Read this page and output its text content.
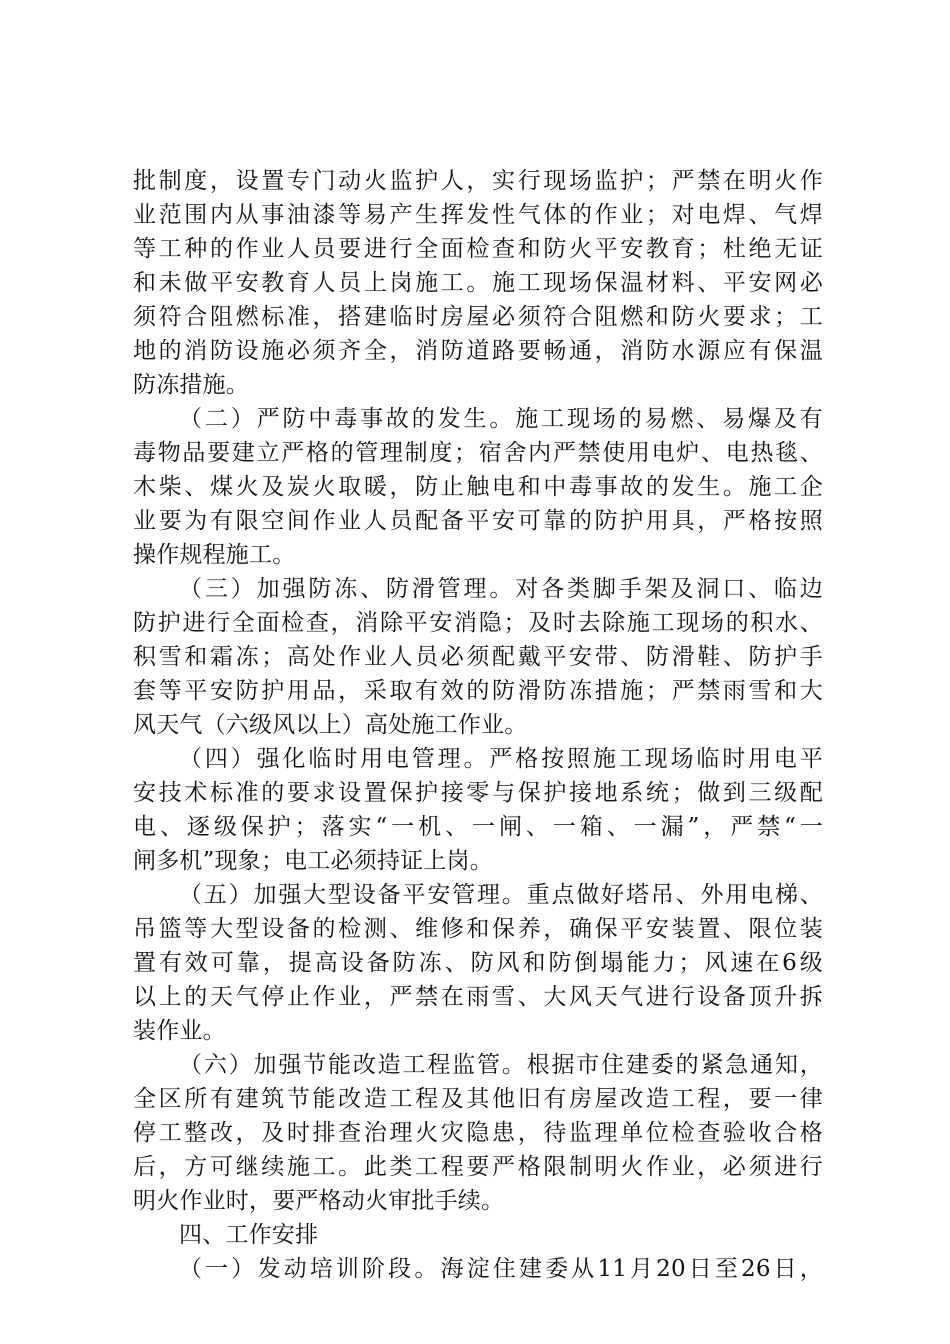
批制度，设置专门动火监护人，实行现场监护；严禁在明火作
业范围内从事油漆等易产生挥发性气体的作业；对电焊、气焊
等工种的作业人员要进行全面检查和防火平安教育；杜绝无证
和未做平安教育人员上岗施工。施工现场保温材料、平安网必
须符合阻燃标准，搭建临时房屋必须符合阻燃和防火要求；工
地的消防设施必须齐全，消防道路要畅通，消防水源应有保温
防冻措施。
（二）严防中毒事故的发生。施工现场的易燃、易爆及有
毒物品要建立严格的管理制度；宿舍内严禁使用电炉、电热毯、
木柴、煤火及炭火取暖，防止触电和中毒事故的发生。施工企
业要为有限空间作业人员配备平安可靠的防护用具，严格按照
操作规程施工。
（三）加强防冻、防滑管理。对各类脚手架及洞口、临边
防护进行全面检查，消除平安消隐；及时去除施工现场的积水、
积雪和霜冻；高处作业人员必须配戴平安带、防滑鞋、防护手
套等平安防护用品，采取有效的防滑防冻措施；严禁雨雪和大
风天气（六级风以上）高处施工作业。
（四）强化临时用电管理。严格按照施工现场临时用电平
安技术标准的要求设置保护接零与保护接地系统；做到三级配
电、逐级保护；落实“一机、一闸、一箱、一漏”，严禁“一
闸多机”现象；电工必须持证上岗。
（五）加强大型设备平安管理。重点做好塔吊、外用电梯、
吊篮等大型设备的检测、维修和保养，确保平安装置、限位装
置有效可靠，提高设备防冻、防风和防倒塌能力；风速在6级
以上的天气停止作业，严禁在雨雪、大风天气进行设备顶升拆
装作业。
（六）加强节能改造工程监管。根据市住建委的紧急通知，
全区所有建筑节能改造工程及其他旧有房屋改造工程，要一律
停工整改，及时排查治理火灾隐患，待监理单位检查验收合格
后，方可继续施工。此类工程要严格限制明火作业，必须进行
明火作业时，要严格动火审批手续。
四、工作安排
（一）发动培训阶段。海淀住建委从11月20日至26日，
